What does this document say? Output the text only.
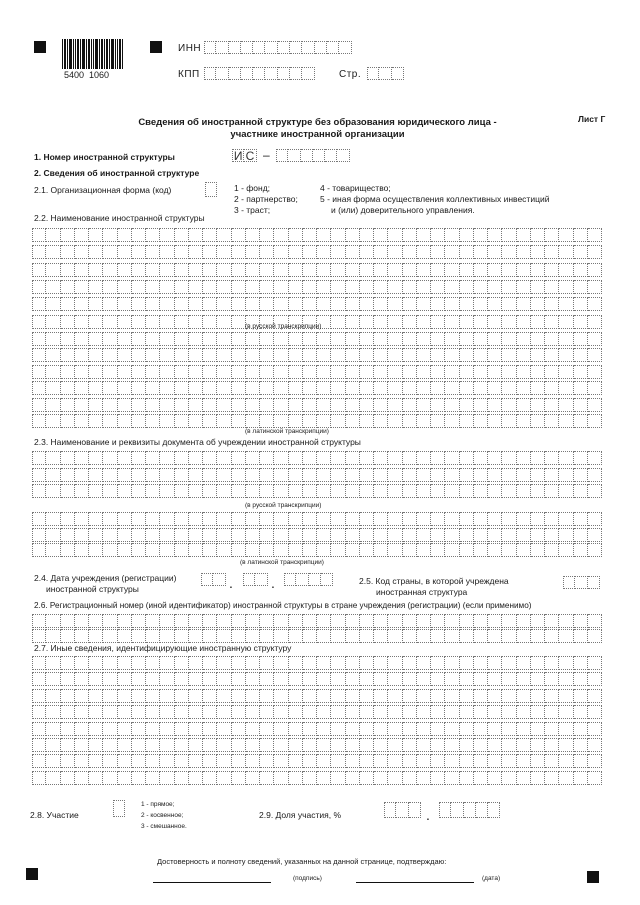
5400  1060
ИНН
КПП	Стр.
Лист Г
Сведения об иностранной структуре без образования юридического лица - участнике иностранной организации
1. Номер иностранной структуры	И С –
2. Сведения об иностранной структуре
2.1. Организационная форма (код)	1 - фонд;
2 - партнерство;
3 - траст;
4 - товарищество;
5 - иная форма осуществления коллективных инвестиций
и (или) доверительного управления.
2.2. Наименование иностранной структуры
(в русской транскрипции)
(в латинской транскрипции)
2.3. Наименование и реквизиты документа об учреждении иностранной структуры
(в русской транскрипции)
(в латинской транскрипции)
2.4. Дата учреждения (регистрации)
иностранной структуры	.	.	2.5. Код страны, в которой учреждена
иностранная структура
2.6. Регистрационный номер (иной идентификатор) иностранной структуры в стране учреждения (регистрации) (если применимо)
2.7. Иные сведения, идентифицирующие иностранную структуру
2.8. Участие
1 - прямое;
2 - косвенное;
3 - смешанное.
2.9. Доля участия, %	.
Достоверность и полноту сведений, указанных на данной странице, подтверждаю:
(подпись)	(дата)
